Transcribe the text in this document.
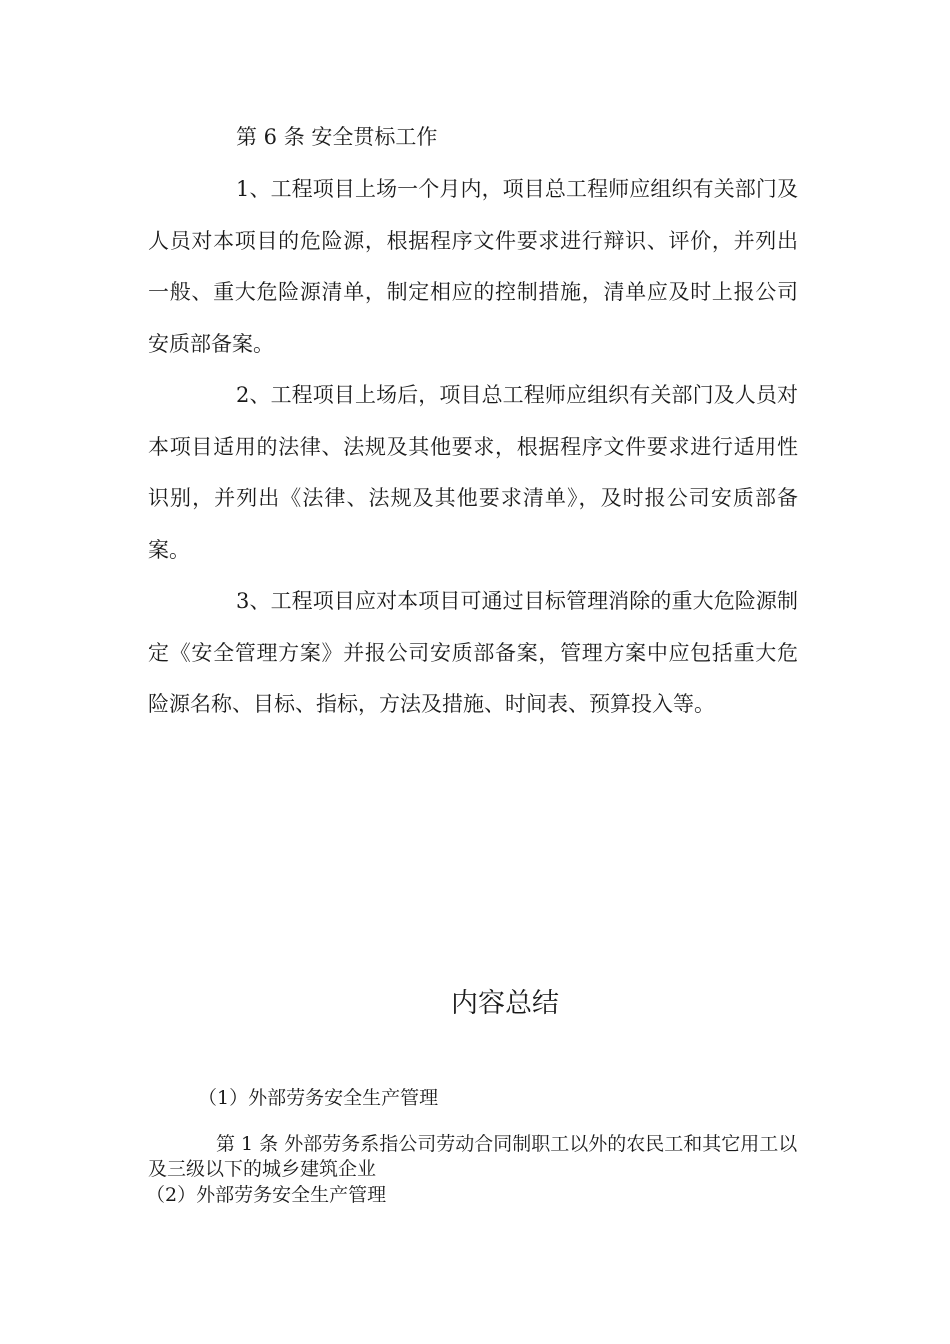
第 6 条 安全贯标工作

1、工程项目上场一个月内，项目总工程师应组织有关部门及人员对本项目的危险源，根据程序文件要求进行辩识、评价，并列出一般、重大危险源清单，制定相应的控制措施，清单应及时上报公司安质部备案。

2、工程项目上场后，项目总工程师应组织有关部门及人员对本项目适用的法律、法规及其他要求，根据程序文件要求进行适用性识别，并列出《法律、法规及其他要求清单》，及时报公司安质部备案。

3、工程项目应对本项目可通过目标管理消除的重大危险源制定《安全管理方案》并报公司安质部备案，管理方案中应包括重大危险源名称、目标、指标，方法及措施、时间表、预算投入等。

内容总结
（1）外部劳务安全生产管理

第 1 条 外部劳务系指公司劳动合同制职工以外的农民工和其它用工以及三级以下的城乡建筑企业

（2）外部劳务安全生产管理
